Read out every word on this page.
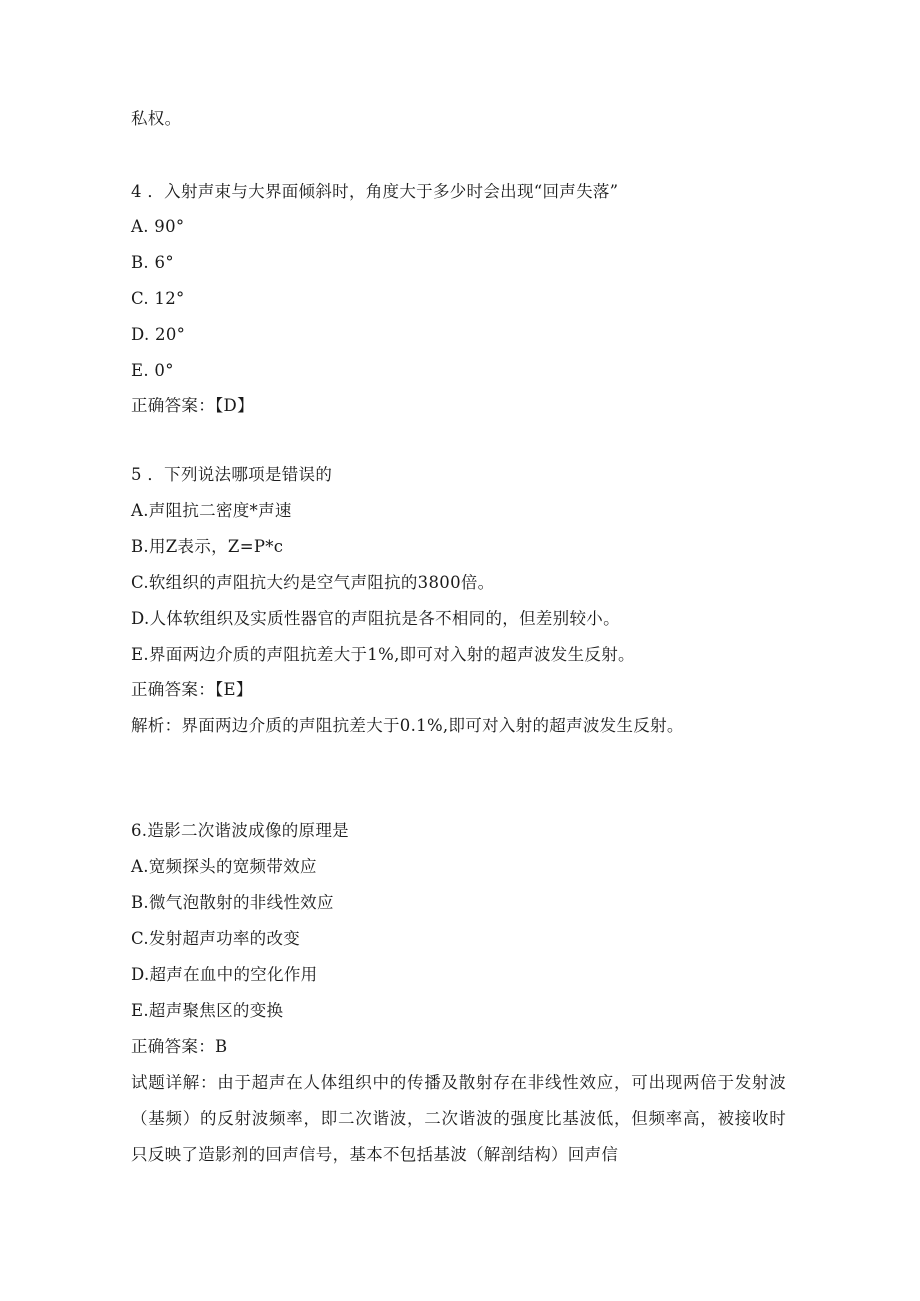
私权。
4 ．入射声束与大界面倾斜时，角度大于多少时会出现“回声失落”
A. 90°
B. 6°
C. 12°
D. 20°
E. 0°
正确答案：【D】
5 ．下列说法哪项是错误的
A.声阻抗二密度*声速
B.用Z表示，Z=P*c
C.软组织的声阻抗大约是空气声阻抗的3800倍。
D.人体软组织及实质性器官的声阻抗是各不相同的，但差别较小。
E.界面两边介质的声阻抗差大于1%,即可对入射的超声波发生反射。
正确答案：【E】
解析：界面两边介质的声阻抗差大于0.1%,即可对入射的超声波发生反射。
6.造影二次谐波成像的原理是
A.宽频探头的宽频带效应
B.微气泡散射的非线性效应
C.发射超声功率的改变
D.超声在血中的空化作用
E.超声聚焦区的变换
正确答案：B
试题详解：由于超声在人体组织中的传播及散射存在非线性效应，可出现两倍于发射波（基频）的反射波频率，即二次谐波，二次谐波的强度比基波低，但频率高，被接收时只反映了造影剂的回声信号，基本不包括基波（解剖结构）回声信
